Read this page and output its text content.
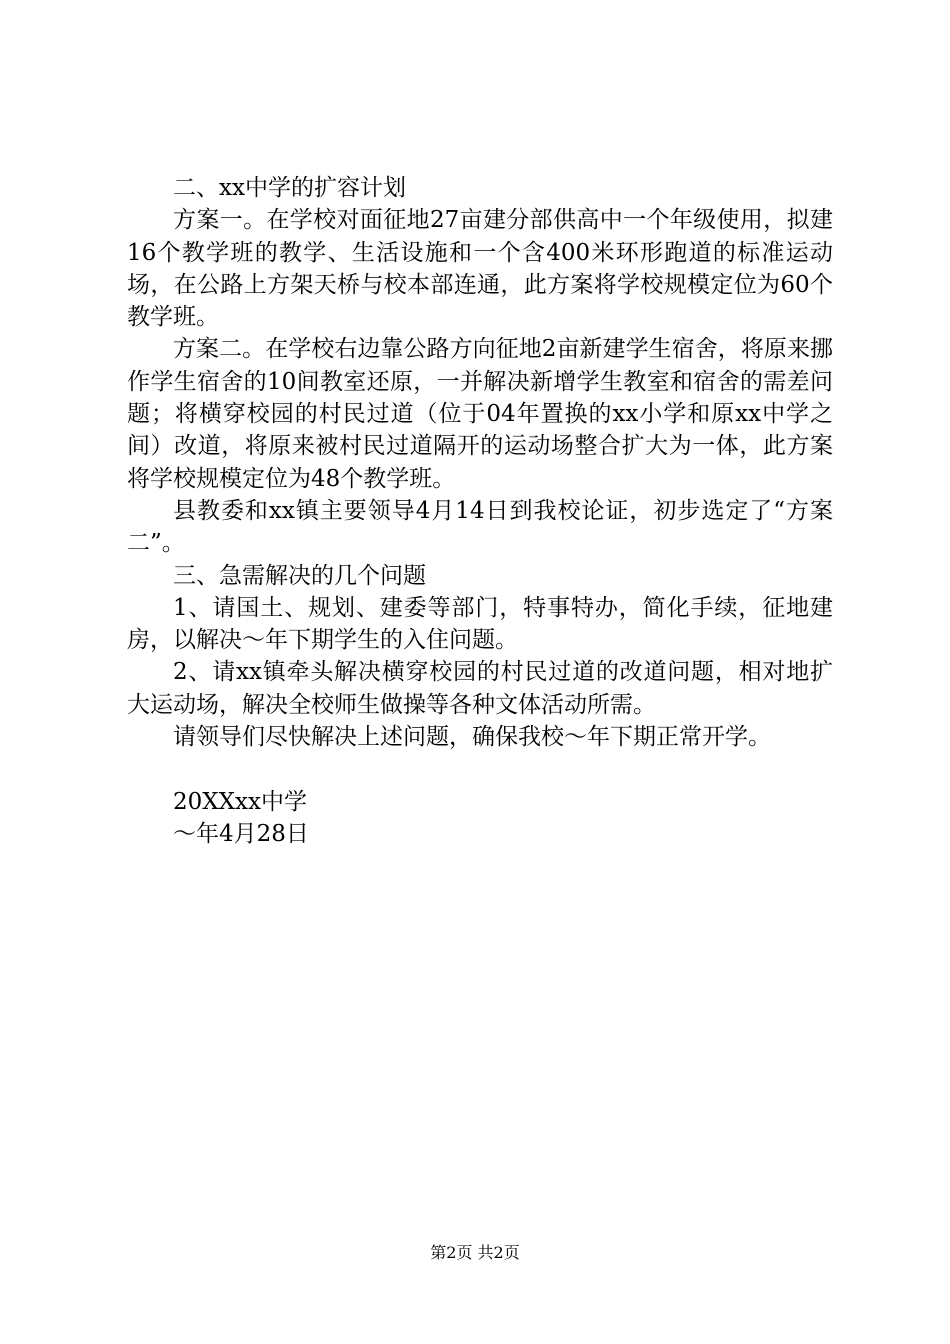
二、xx中学的扩容计划

方案一。在学校对面征地27亩建分部供高中一个年级使用，拟建16个教学班的教学、生活设施和一个含400米环形跑道的标准运动场，在公路上方架天桥与校本部连通，此方案将学校规模定位为60个教学班。

方案二。在学校右边靠公路方向征地2亩新建学生宿舍，将原来挪作学生宿舍的10间教室还原，一并解决新增学生教室和宿舍的需差问题；将横穿校园的村民过道（位于04年置换的xx小学和原xx中学之间）改道，将原来被村民过道隔开的运动场整合扩大为一体，此方案将学校规模定位为48个教学班。

县教委和xx镇主要领导4月14日到我校论证，初步选定了“方案二”。

三、急需解决的几个问题

1、请国土、规划、建委等部门，特事特办，简化手续，征地建房，以解决～年下期学生的入住问题。

2、请xx镇牵头解决横穿校园的村民过道的改道问题，相对地扩大运动场，解决全校师生做操等各种文体活动所需。

请领导们尽快解决上述问题，确保我校～年下期正常开学。

20XXxx中学

～年4月28日

第2页 共2页
